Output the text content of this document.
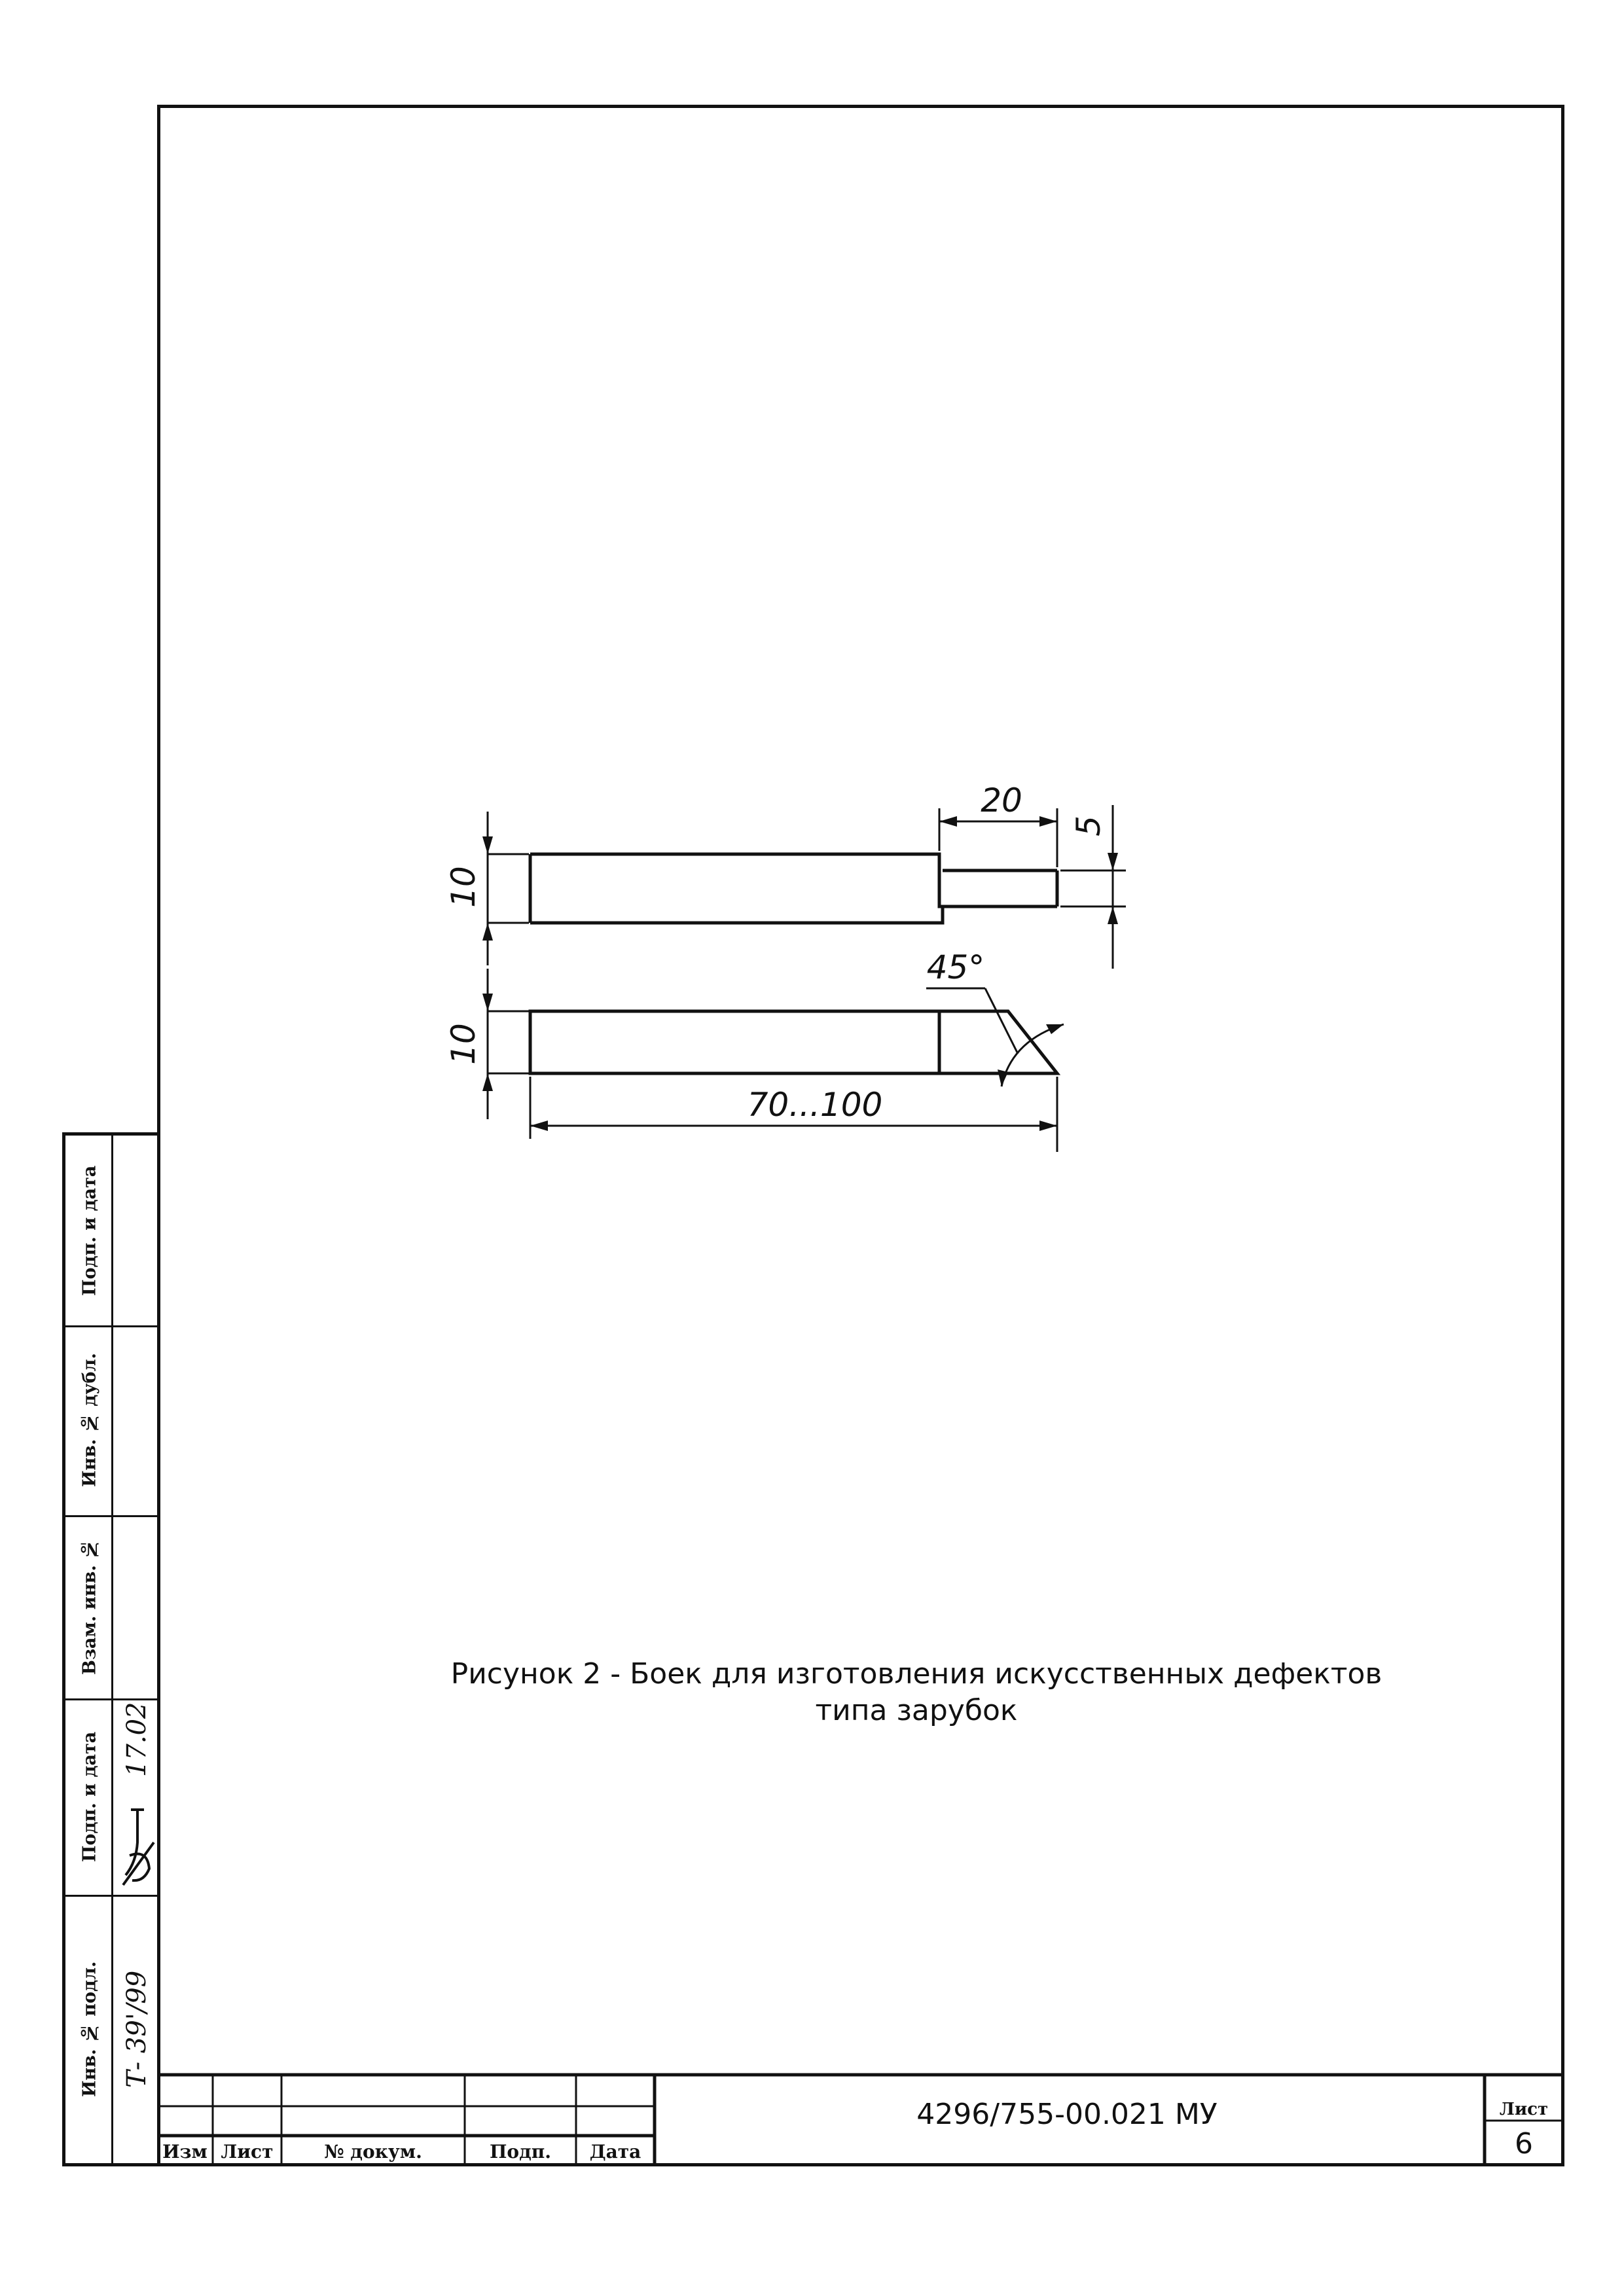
Инв. № подл. Т- 39'/99
Подп. и дата 17.02
Взам. инв. №
Инв. № дубл.
Подп. и дата
10
10
20
5
45°
70...100
Рисунок 2 - Боек для изготовления искусственных дефектов
типа зарубок
Изм Лист	№ докум.	Подп.	Дата
4296/755-00.021 МУ	Лист
6
